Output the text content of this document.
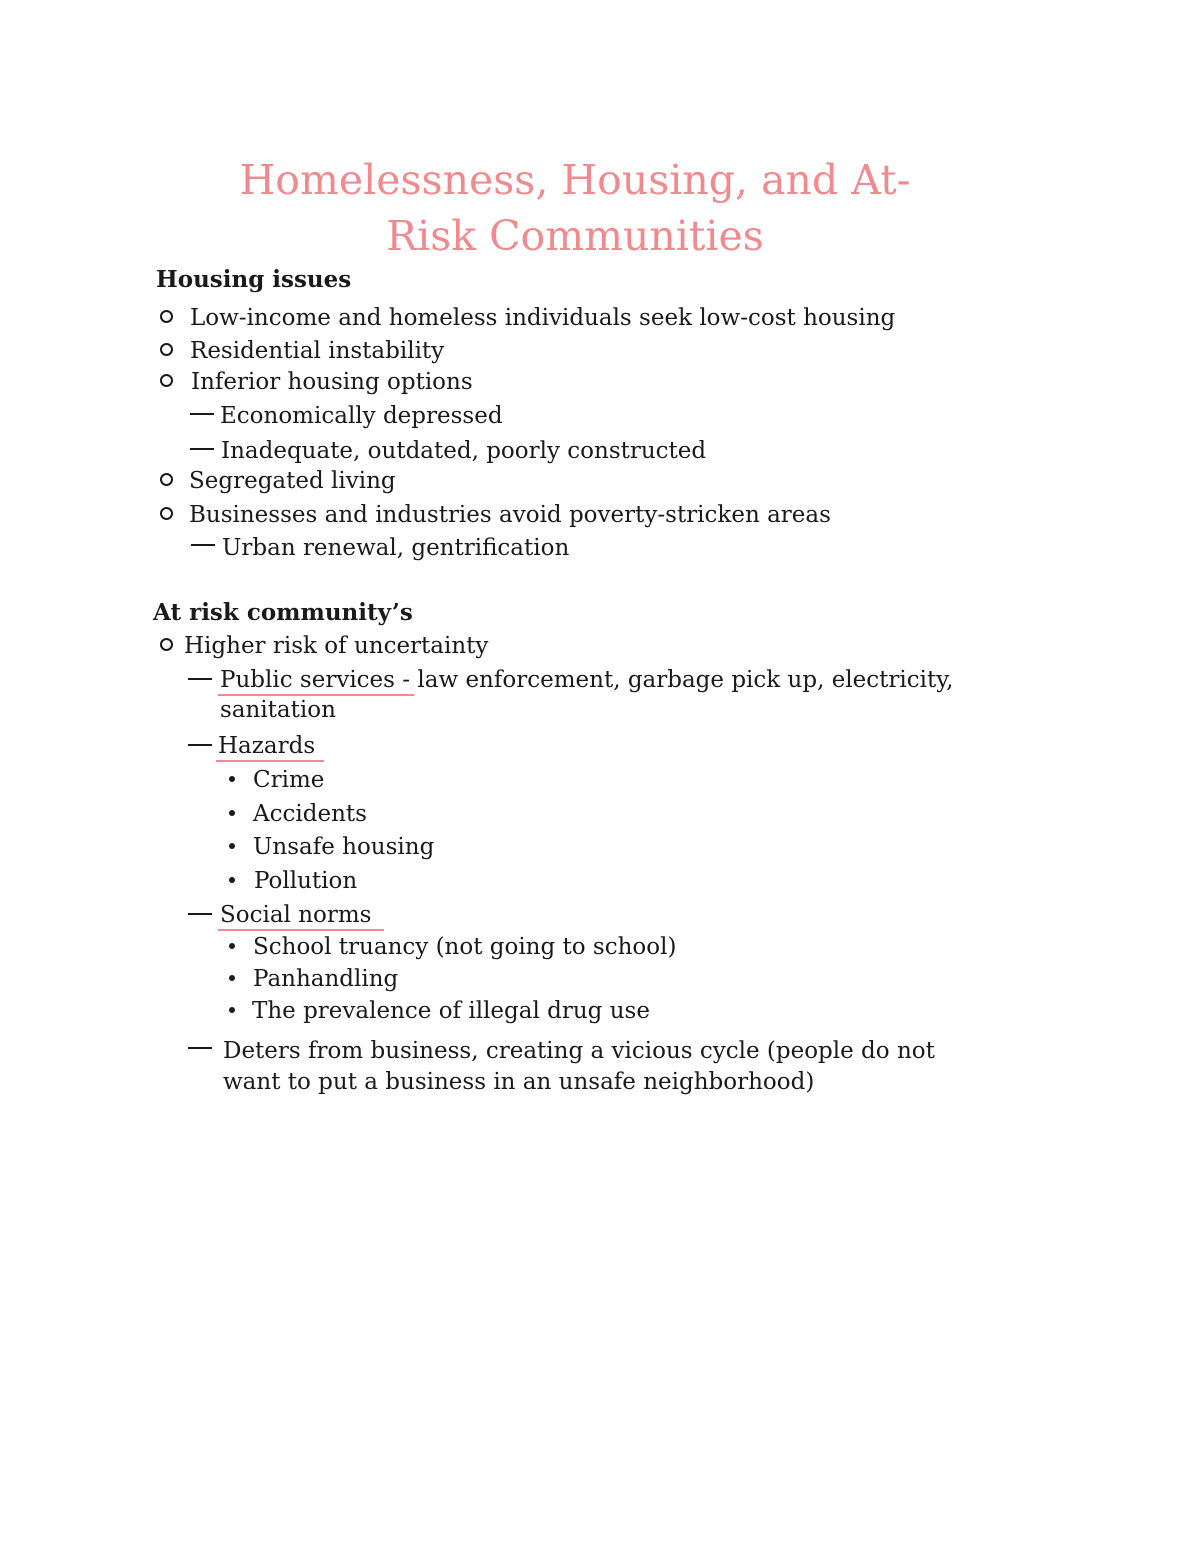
Homelessness, Housing, and At-
Risk Communities
Housing issues
Low-income and homeless individuals seek low-cost housing
Residential instability
Inferior housing options
Economically depressed
Inadequate, outdated, poorly constructed
Segregated living
Businesses and industries avoid poverty-stricken areas
Urban renewal, gentrification
At risk community’s
Higher risk of uncertainty
Public services - law enforcement, garbage pick up, electricity,
sanitation
Hazards
Crime
Accidents
Unsafe housing
Pollution
Social norms
School truancy (not going to school)
Panhandling
The prevalence of illegal drug use
Deters from business, creating a vicious cycle (people do not
want to put a business in an unsafe neighborhood)
